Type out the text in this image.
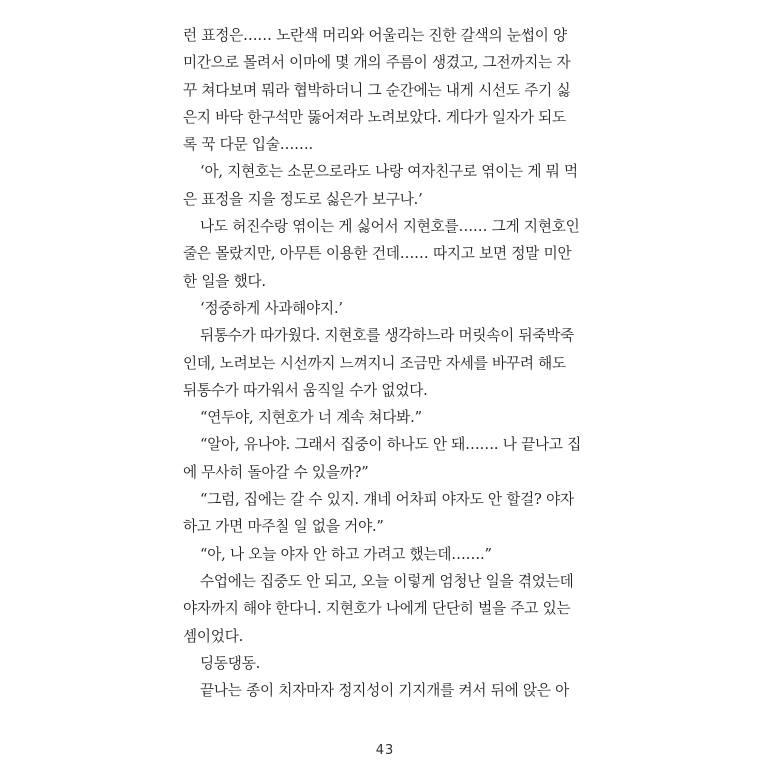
런 표정은…… 노란색 머리와 어울리는 진한 갈색의 눈썹이 양
미간으로 몰려서 이마에 몇 개의 주름이 생겼고, 그전까지는 자
꾸 쳐다보며 뭐라 협박하더니 그 순간에는 내게 시선도 주기 싫
은지 바닥 한구석만 뚫어져라 노려보았다. 게다가 일자가 되도
록 꾹 다문 입술…….
‘아, 지현호는 소문으로라도 나랑 여자친구로 엮이는 게 뭐 먹
은 표정을 지을 정도로 싫은가 보구나.’
나도 허진수랑 엮이는 게 싫어서 지현호를…… 그게 지현호인
줄은 몰랐지만, 아무튼 이용한 건데…… 따지고 보면 정말 미안
한 일을 했다.
‘정중하게 사과해야지.’
뒤통수가 따가웠다. 지현호를 생각하느라 머릿속이 뒤죽박죽
인데, 노려보는 시선까지 느껴지니 조금만 자세를 바꾸려 해도
뒤통수가 따가워서 움직일 수가 없었다.
“연두야, 지현호가 너 계속 쳐다봐.”
“알아, 유나야. 그래서 집중이 하나도 안 돼……. 나 끝나고 집
에 무사히 돌아갈 수 있을까?”
“그럼, 집에는 갈 수 있지. 걔네 어차피 야자도 안 할걸? 야자
하고 가면 마주칠 일 없을 거야.”
“아, 나 오늘 야자 안 하고 가려고 했는데…….”
수업에는 집중도 안 되고, 오늘 이렇게 엄청난 일을 겪었는데
야자까지 해야 한다니. 지현호가 나에게 단단히 벌을 주고 있는
셈이었다.
딩동댕동.
끝나는 종이 치자마자 정지성이 기지개를 켜서 뒤에 앉은 아
43
